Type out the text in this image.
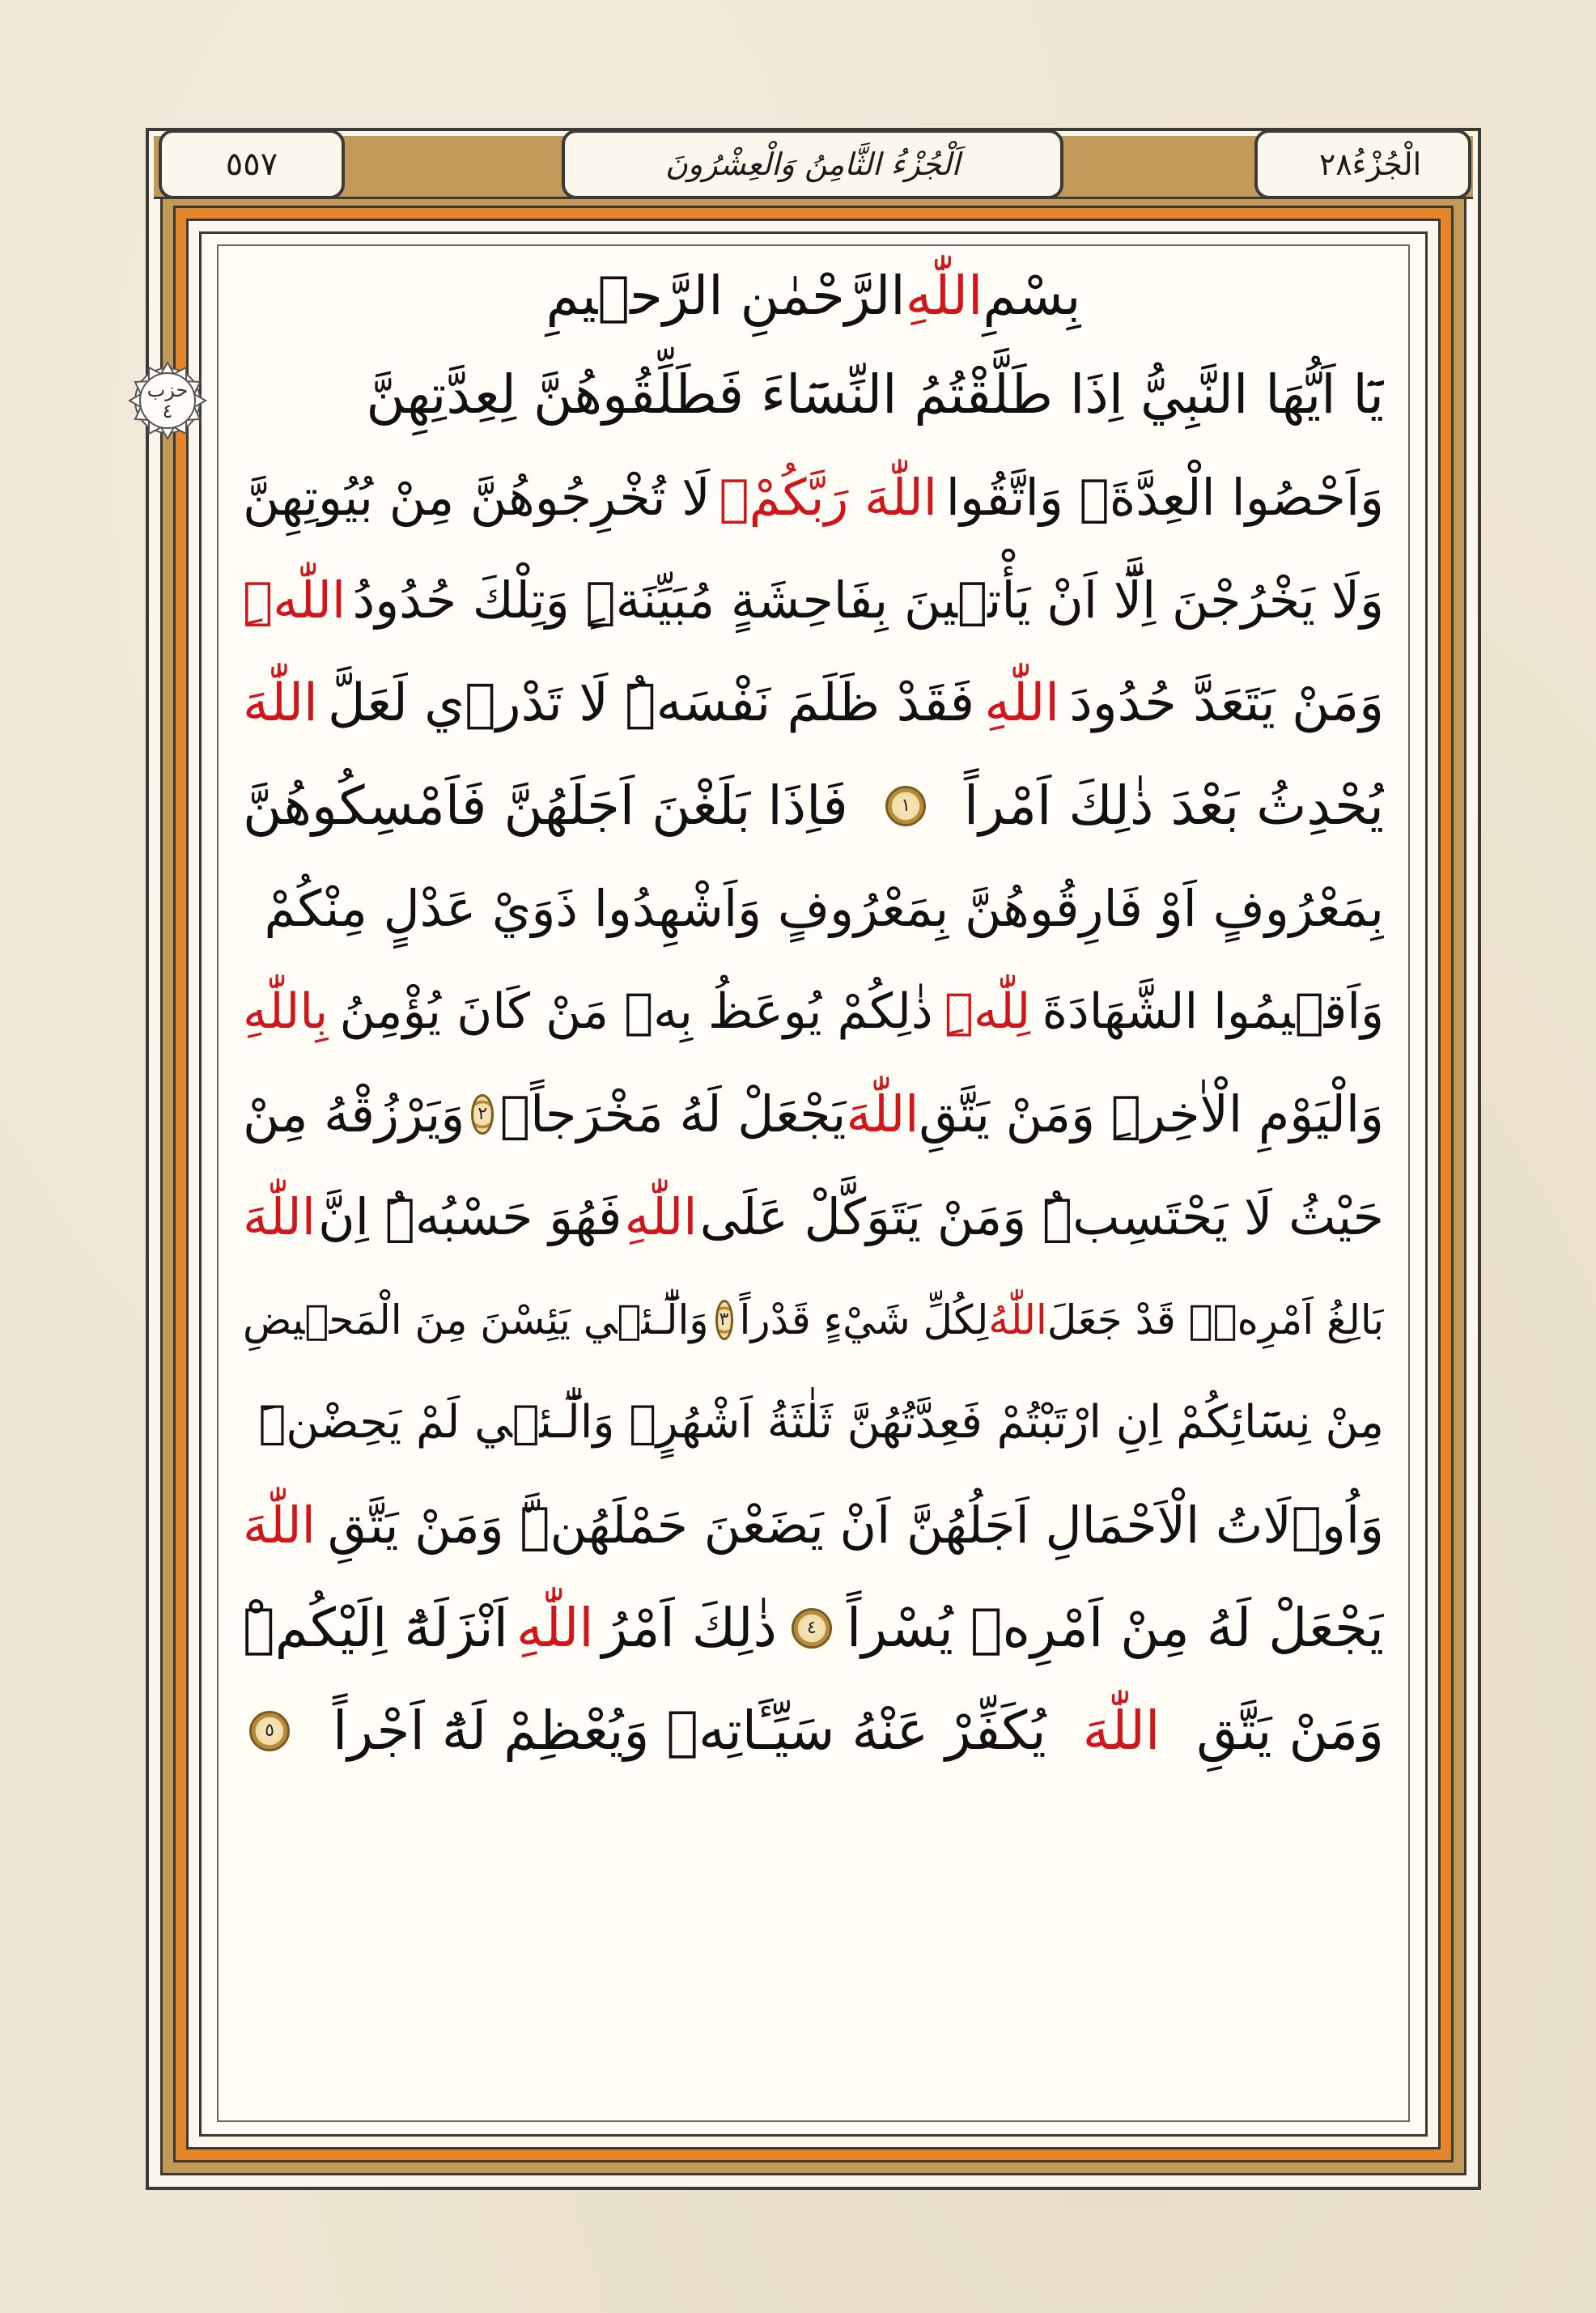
٥٥٧	اَلْجُزْءُ الثَّامِنُ وَالْعِشْرُونَ	الْجُزْءُ
٢٨
حزب
٤
بِسْمِ
اللّٰهِ
الرَّحْمٰنِ الرَّح۪يمِ
يَٓا اَيُّهَا النَّبِيُّ اِذَا طَلَّقْتُمُ النِّسَٓاءَ فَطَلِّقُوهُنَّ لِعِدَّتِهِنَّ
وَاَحْصُوا الْعِدَّةَۚ وَاتَّقُوا
اللّٰهَ رَبَّكُمْۚ
لَا تُخْرِجُوهُنَّ مِنْ بُيُوتِهِنَّ
وَلَا يَخْرُجْنَ اِلَّٓا اَنْ يَأْت۪ينَ بِفَاحِشَةٍ مُبَيِّنَةٍۜ وَتِلْكَ حُدُودُ
اللّٰهِۜ
وَمَنْ يَتَعَدَّ حُدُودَ
اللّٰهِ
فَقَدْ ظَلَمَ نَفْسَهُۜ لَا تَدْر۪ي لَعَلَّ
اللّٰهَ
يُحْدِثُ بَعْدَ ذٰلِكَ اَمْراً
١
فَاِذَا بَلَغْنَ اَجَلَهُنَّ فَاَمْسِكُوهُنَّ
بِمَعْرُوفٍ اَوْ فَارِقُوهُنَّ بِمَعْرُوفٍ وَاَشْهِدُوا ذَوَيْ عَدْلٍ مِنْكُمْ
وَاَق۪يمُوا الشَّهَادَةَ
لِلّٰهِۜ
ذٰلِكُمْ يُوعَظُ بِه۪ مَنْ كَانَ يُؤْمِنُ
بِاللّٰهِ
وَالْيَوْمِ الْاٰخِرِۜ وَمَنْ يَتَّقِ
اللّٰهَ
يَجْعَلْ لَهُ مَخْرَجاًۙ
٢
وَيَرْزُقْهُ مِنْ
حَيْثُ لَا يَحْتَسِبُۜ وَمَنْ يَتَوَكَّلْ عَلَى
اللّٰهِ
فَهُوَ حَسْبُهُۜ اِنَّ
اللّٰهَ
بَالِغُ اَمْرِه۪ۜ قَدْ جَعَلَ
اللّٰهُ
لِكُلِّ شَيْءٍ قَدْراً
٣
وَالّٰٓـئ۪ي يَئِسْنَ مِنَ الْمَح۪يضِ
مِنْ نِسَٓائِكُمْ اِنِ ارْتَبْتُمْ فَعِدَّتُهُنَّ ثَلٰثَةُ اَشْهُرٍۙ وَالّٰٓـئ۪ي لَمْ يَحِضْنَۜ
وَاُو۬لَاتُ الْاَحْمَالِ اَجَلُهُنَّ اَنْ يَضَعْنَ حَمْلَهُنَّۜ وَمَنْ يَتَّقِ
اللّٰهَ
يَجْعَلْ لَهُ مِنْ اَمْرِه۪ يُسْراً
٤
ذٰلِكَ اَمْرُ
اللّٰهِ
اَنْزَلَهُٓ اِلَيْكُمْۜ
وَمَنْ يَتَّقِ
اللّٰهَ
يُكَفِّرْ عَنْهُ سَيِّـَٔاتِه۪ وَيُعْظِمْ لَهُٓ اَجْراً
٥
